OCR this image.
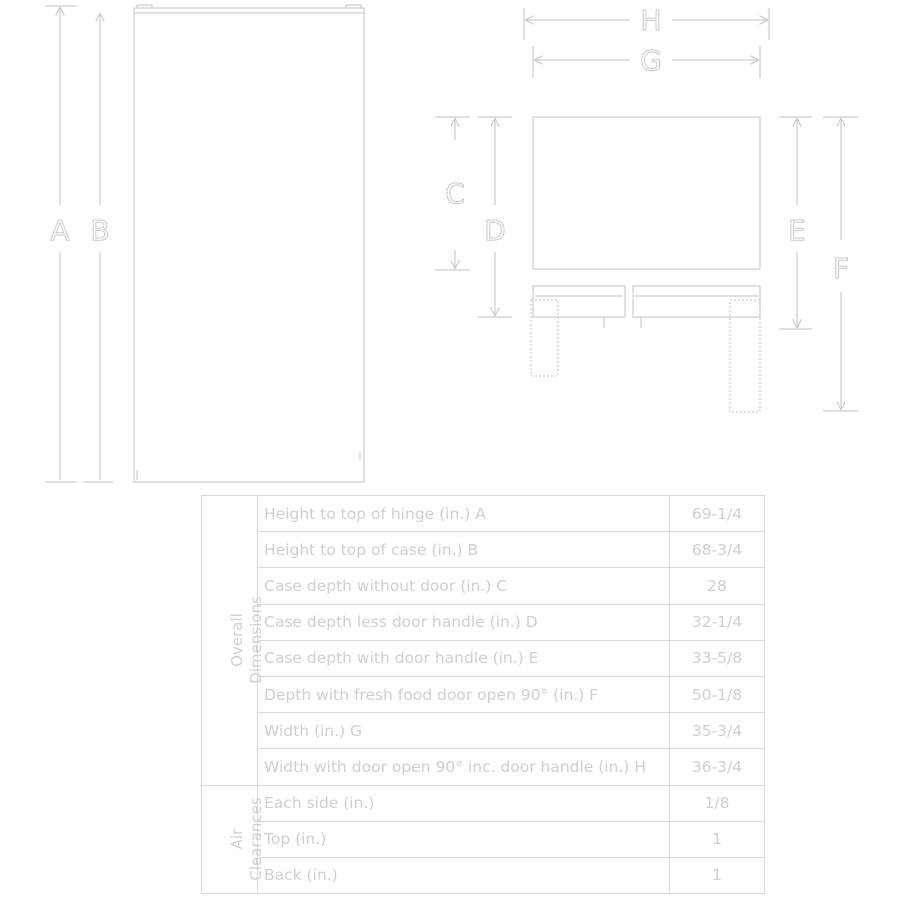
A B
H
G
C
D	E
F
Overall Dimensions	Height to top of hinge (in.) A	69-1/4
	Height to top of case (in.) B	68-3/4
	Case depth without door (in.) C	28
	Case depth less door handle (in.) D	32-1/4
	Case depth with door handle (in.) E	33-5/8
	Depth with fresh food door open 90° (in.) F	50-1/8
	Width (in.) G	35-3/4
	Width with door open 90° inc. door handle (in.) H	36-3/4
Air Clearances	Each side (in.)	1/8
	Top (in.)	1
	Back (in.)	1
